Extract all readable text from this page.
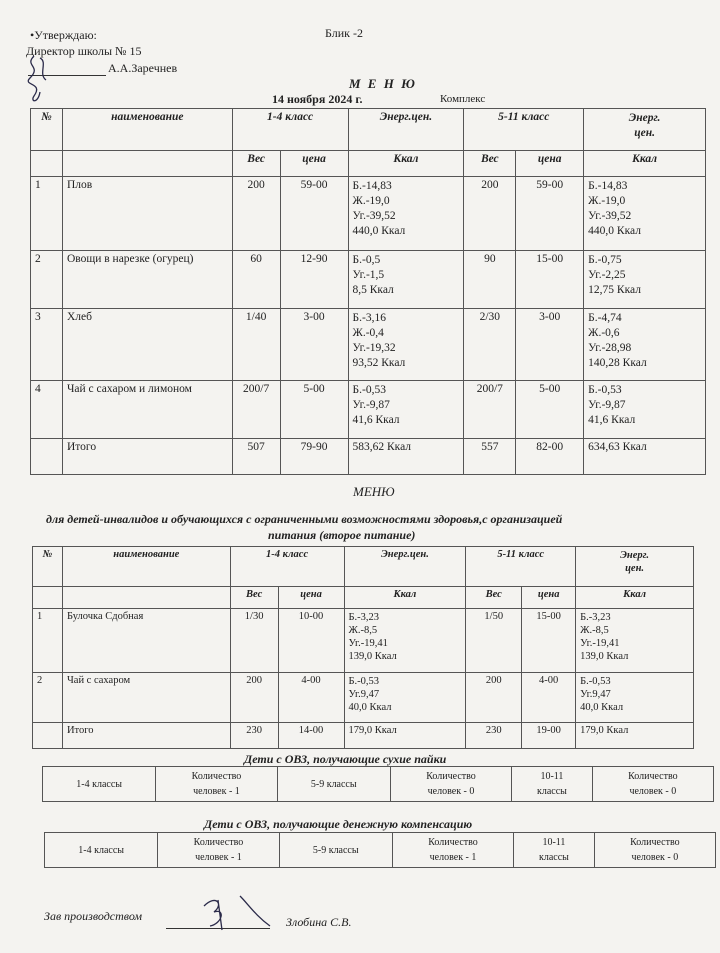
•Утверждаю:	Блик -2
Директор школы № 15
А.А.Заречнев
М Е Н Ю
14 ноября 2024 г.	Комплекс
№	наименование	1-4 класс		Энерг.цен.	5-11 класс		Энерг.
цен.
		Вес	цена	Ккал	Вес	цена	Ккал
1	Плов	200	59-00	Б.-14,83
Ж.-19,0
Уг.-39,52
440,0 Ккал	200	59-00	Б.-14,83
Ж.-19,0
Уг.-39,52
440,0 Ккал
2	Овощи в нарезке (огурец)	60	12-90	Б.-0,5
Уг.-1,5
8,5 Ккал	90	15-00	Б.-0,75
Уг.-2,25
12,75 Ккал
3	Хлеб	1/40	3-00	Б.-3,16
Ж.-0,4
Уг.-19,32
93,52 Ккал	2/30	3-00	Б.-4,74
Ж.-0,6
Уг.-28,98
140,28 Ккал
4	Чай с сахаром и лимоном	200/7	5-00	Б.-0,53
Уг.-9,87
41,6 Ккал	200/7	5-00	Б.-0,53
Уг.-9,87
41,6 Ккал
	Итого	507	79-90	583,62 Ккал	557	82-00	634,63 Ккал
МЕНЮ
для детей-инвалидов и обучающихся с ограниченными возможностями здоровья,с организацией
питания (второе питание)
№	наименование	1-4 класс		Энерг.цен.	5-11 класс		Энерг.
цен.
		Вес	цена	Ккал	Вес	цена	Ккал
1	Булочка Сдобная	1/30	10-00	Б.-3,23
Ж.-8,5
Уг.-19,41
139,0 Ккал	1/50	15-00	Б.-3,23
Ж.-8,5
Уг.-19,41
139,0 Ккал
2	Чай с сахаром	200	4-00	Б.-0,53
Уг.9,47
40,0 Ккал	200	4-00	Б.-0,53
Уг.9,47
40,0 Ккал
	Итого	230	14-00	179,0 Ккал	230	19-00	179,0 Ккал
Дети с ОВЗ, получающие сухие пайки
1-4 классы	Количество
человек - 1	5-9 классы	Количество
человек - 0	10-11
классы	Количество
человек - 0
Дети с ОВЗ, получающие денежную компенсацию
1-4 классы	Количество
человек - 1	5-9 классы	Количество
человек - 1	10-11
классы	Количество
человек - 0
Зав производством	Злобина С.В.
